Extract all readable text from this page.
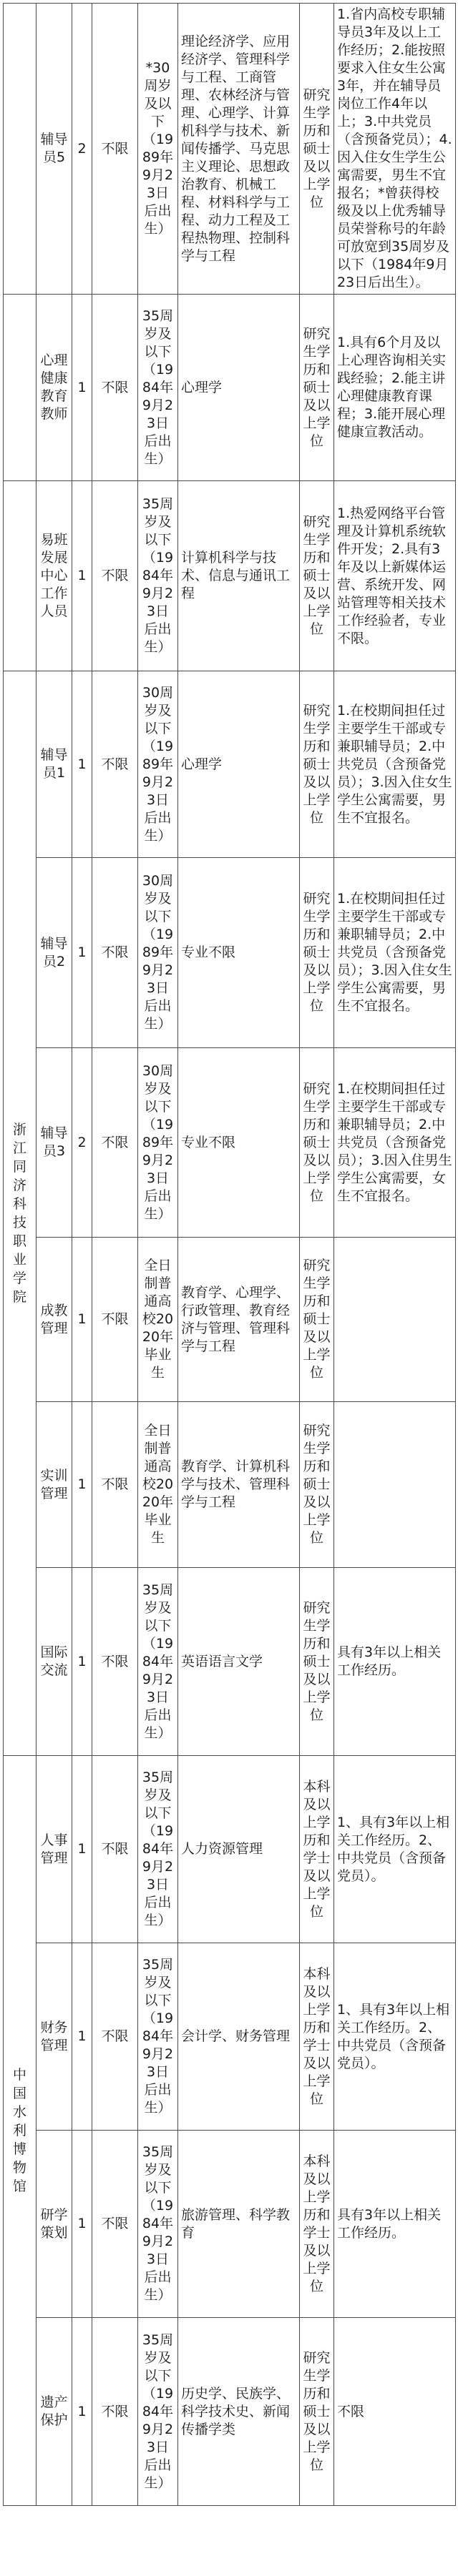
	辅导员5	2	不限	*30周岁及以下（1989年9月23日后出生）	理论经济学、应用经济学、管理科学与工程、工商管理、农林经济与管理、心理学、计算机科学与技术、新闻传播学、马克思主义理论、思想政治教育、机械工程、材料科学与工程、动力工程及工程热物理、控制科学与工程	研究生学历和硕士及以上学位	1.省内高校专职辅导员3年及以上工作经历；2.能按照要求入住女生公寓3年，并在辅导员岗位工作4年以上；3.中共党员（含预备党员）；4.因入住女生学生公寓需要，男生不宜报名；*曾获得校级及以上优秀辅导员荣誉称号的年龄可放宽到35周岁及以下（1984年9月23日后出生）。
	心理健康教育教师	1	不限	35周岁及以下（1984年9月23日后出生）	心理学	研究生学历和硕士及以上学位	1.具有6个月及以上心理咨询相关实践经验；2.能主讲心理健康教育课程；3.能开展心理健康宣教活动。
	易班发展中心工作人员	1	不限	35周岁及以下（1984年9月23日后出生）	计算机科学与技术、信息与通讯工程	研究生学历和硕士及以上学位	1.热爱网络平台管理及计算机系统软件开发；2.具有3年及以上新媒体运营、系统开发、网站管理等相关技术工作经验者，专业不限。
浙江同济科技职业学院	辅导员1	1	不限	30周岁及以下（1989年9月23日后出生）	心理学	研究生学历和硕士及以上学位	1.在校期间担任过主要学生干部或专兼职辅导员；2.中共党员（含预备党员）；3.因入住女生学生公寓需要，男生不宜报名。
	辅导员2	1	不限	30周岁及以下（1989年9月23日后出生）	专业不限	研究生学历和硕士及以上学位	1.在校期间担任过主要学生干部或专兼职辅导员；2.中共党员（含预备党员）；3.因入住女生学生公寓需要，男生不宜报名。
	辅导员3	2	不限	30周岁及以下（1989年9月23日后出生）	专业不限	研究生学历和硕士及以上学位	1.在校期间担任过主要学生干部或专兼职辅导员；2.中共党员（含预备党员）；3.因入住男生学生公寓需要，女生不宜报名。
	成教管理	1	不限	全日制普通高校2020年毕业生	教育学、心理学、行政管理、教育经济与管理、管理科学与工程	研究生学历和硕士及以上学位	
	实训管理	1	不限	全日制普通高校2020年毕业生	教育学、计算机科学与技术、管理科学与工程	研究生学历和硕士及以上学位	
	国际交流	1	不限	35周岁及以下（1984年9月23日后出生）	英语语言文学	研究生学历和硕士及以上学位	具有3年以上相关工作经历。
中国水利博物馆	人事管理	1	不限	35周岁及以下（1984年9月23日后出生）	人力资源管理	本科及以上学历和学士及以上学位	1、具有3年以上相关工作经历。2、中共党员（含预备党员）。
	财务管理	1	不限	35周岁及以下（1984年9月23日后出生）	会计学、财务管理	本科及以上学历和学士及以上学位	1、具有3年以上相关工作经历。2、中共党员（含预备党员）。
	研学策划	1	不限	35周岁及以下（1984年9月23日后出生）	旅游管理、科学教育	本科及以上学历和学士及以上学位	具有3年以上相关工作经历。
	遗产保护	1	不限	35周岁及以下（1984年9月23日后出生）	历史学、民族学、科学技术史、新闻传播学类	研究生学历和硕士及以上学位	不限
